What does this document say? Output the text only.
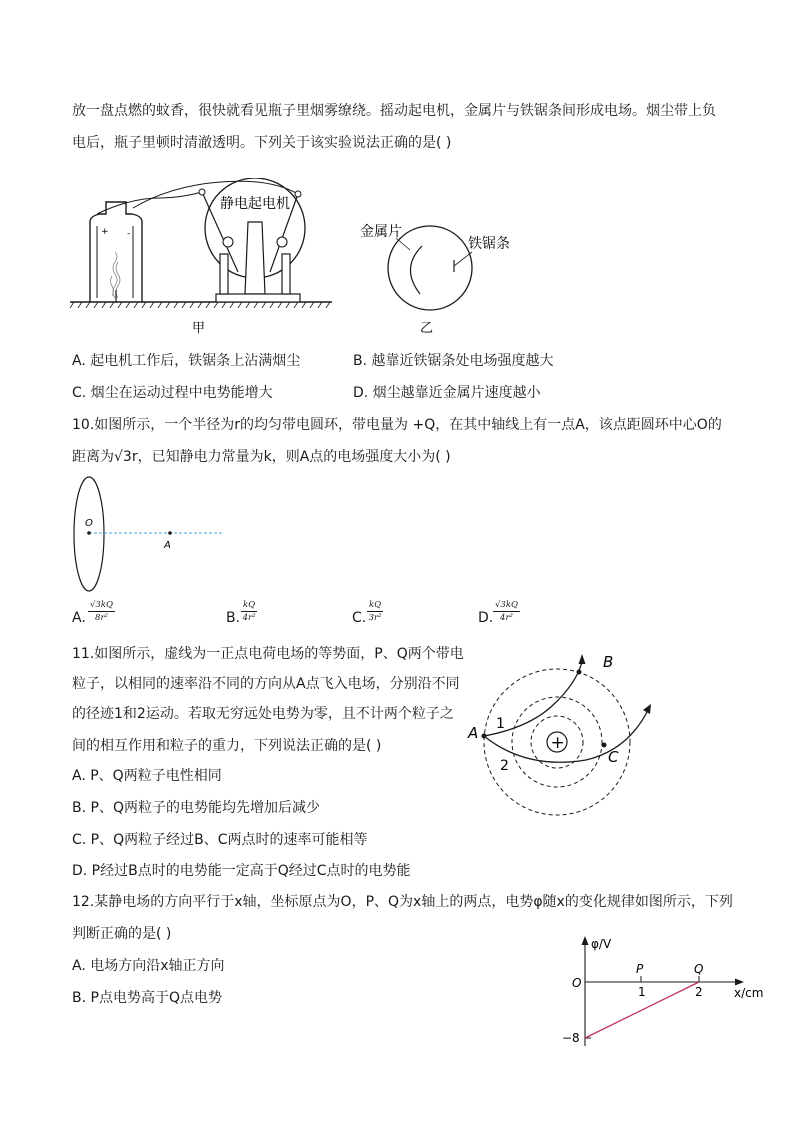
放一盘点燃的蚊香，很快就看见瓶子里烟雾缭绕。摇动起电机，金属片与铁锯条间形成电场。烟尘带上负
电后，瓶子里顿时清澈透明。下列关于该实验说法正确的是( )
+ -
静电起电机
甲
金属片
铁锯条
乙
A. 起电机工作后，铁锯条上沾满烟尘	B. 越靠近铁锯条处电场强度越大
C. 烟尘在运动过程中电势能增大	D. 烟尘越靠近金属片速度越小
10.如图所示，一个半径为r的均匀带电圆环，带电量为 +Q，在其中轴线上有一点A，该点距圆环中心O的
距离为√3r，已知静电力常量为k，则A点的电场强度大小为( )
O
A
A. $\frac{√3kQ}{\text{8r²}}$	B. $\frac{kQ}{\text{4r²}}$	C. $\frac{kQ}{\text{3r²}}$	D. $\frac{√3kQ}{\text{4r²}}$
11.如图所示，虚线为一正点电荷电场的等势面，P、Q两个带电
粒子，以相同的速率沿不同的方向从A点飞入电场，分别沿不同
的径迹1和2运动。若取无穷远处电势为零，且不计两个粒子之
间的相互作用和粒子的重力，下列说法正确的是( )
A. P、Q两粒子电性相同
B. P、Q两粒子的电势能均先增加后减少
C. P、Q两粒子经过B、C两点时的速率可能相等
D. P经过B点时的电势能一定高于Q经过C点时的电势能
+
A
B
C
1
2
12.某静电场的方向平行于x轴，坐标原点为O，P、Q为x轴上的两点，电势φ随x的变化规律如图所示，下列
判断正确的是( )
A. 电场方向沿x轴正方向
B. P点电势高于Q点电势
φ/V
x/cm
O
P	Q
1	2
−8
